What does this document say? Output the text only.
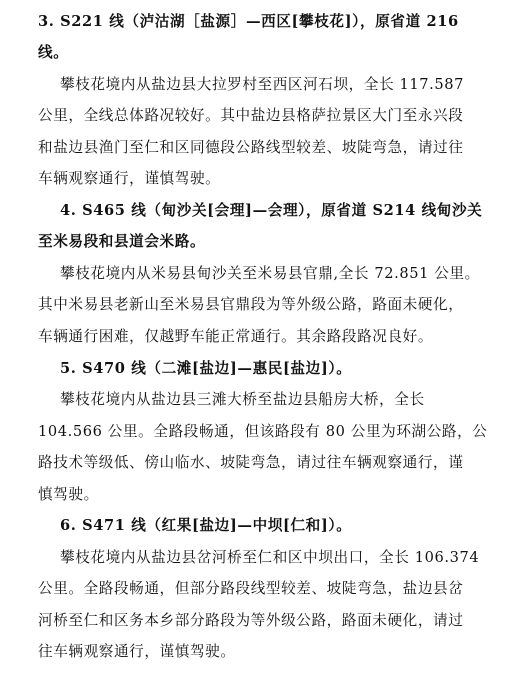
3. S221 线（泸沽湖［盐源］—西区[攀枝花]），原省道 216
线。
攀枝花境内从盐边县大拉罗村至西区河石坝，全长 117.587
公里，全线总体路况较好。其中盐边县格萨拉景区大门至永兴段
和盐边县渔门至仁和区同德段公路线型较差、坡陡弯急，请过往
车辆观察通行，谨慎驾驶。
4. S465 线（甸沙关[会理]—会理），原省道 S214 线甸沙关
至米易段和县道会米路。
攀枝花境内从米易县甸沙关至米易县官鼎,全长 72.851 公里。
其中米易县老新山至米易县官鼎段为等外级公路，路面未硬化，
车辆通行困难，仅越野车能正常通行。其余路段路况良好。
5. S470 线（二滩[盐边]—惠民[盐边]）。
攀枝花境内从盐边县三滩大桥至盐边县船房大桥，全长
104.566 公里。全路段畅通，但该路段有 80 公里为环湖公路，公
路技术等级低、傍山临水、坡陡弯急，请过往车辆观察通行，谨
慎驾驶。
6. S471 线（红果[盐边]—中坝[仁和]）。
攀枝花境内从盐边县岔河桥至仁和区中坝出口，全长 106.374
公里。全路段畅通，但部分路段线型较差、坡陡弯急，盐边县岔
河桥至仁和区务本乡部分路段为等外级公路，路面未硬化，请过
往车辆观察通行，谨慎驾驶。
